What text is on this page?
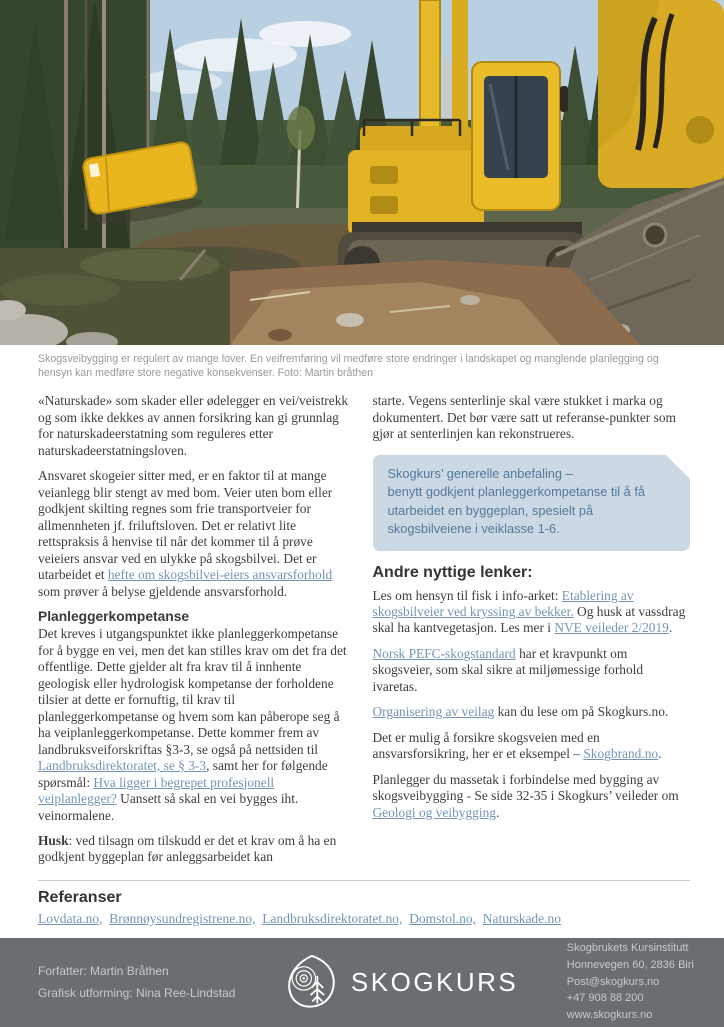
Skogsveibygging er regulert av mange lover. En veifremføring vil medføre store endringer i landskapet og manglende planlegging og hensyn kan medføre store negative konsekvenser. Foto: Martin bråthen

«Naturskade» som skader eller ødelegger en vei/veistrekk og som ikke dekkes av annen forsikring kan gi grunnlag for naturskadeerstatning som reguleres etter naturskadeerstatningsloven.

Ansvaret skogeier sitter med, er en faktor til at mange veianlegg blir stengt av med bom. Veier uten bom eller godkjent skilting regnes som frie transportveier for allmennheten jf. friluftsloven. Det er relativt lite rettspraksis å henvise til når det kommer til å prøve veieiers ansvar ved en ulykke på skogsbilvei. Det er utarbeidet et hefte om skogsbilvei-eiers ansvarsforhold som prøver å belyse gjeldende ansvarsforhold.

Planleggerkompetanse

Det kreves i utgangspunktet ikke planleggerkompetanse for å bygge en vei, men det kan stilles krav om det fra det offentlige. Dette gjelder alt fra krav til å innhente geologisk eller hydrologisk kompetanse der forholdene tilsier at dette er fornuftig, til krav til planleggerkompetanse og hvem som kan påberope seg å ha veiplanleggerkompetanse. Dette kommer frem av landbruksveiforskriftas §3-3, se også på nettsiden til Landbruksdirektoratet, se § 3-3, samt her for følgende spørsmål: Hva ligger i begrepet profesjonell veiplanlegger? Uansett så skal en vei bygges iht. veinormalene.

Husk: ved tilsagn om tilskudd er det et krav om å ha en godkjent byggeplan før anleggsarbeidet kan

starte. Vegens senterlinje skal være stukket i marka og dokumentert. Det bør være satt ut referanse-punkter som gjør at senterlinjen kan rekonstrueres.

Skogkurs’ generelle anbefaling –
benytt godkjent planleggerkompetanse til å få utarbeidet en byggeplan, spesielt på skogsbilveiene i veiklasse 1-6.

Andre nyttige lenker:

Les om hensyn til fisk i info-arket: Etablering av skogsbilveier ved kryssing av bekker. Og husk at vassdrag skal ha kantvegetasjon. Les mer i NVE veileder 2/2019.

Norsk PEFC-skogstandard har et kravpunkt om skogsveier, som skal sikre at miljømessige forhold ivaretas.

Organisering av veilag kan du lese om på Skogkurs.no.

Det er mulig å forsikre skogsveien med en ansvarsforsikring, her er et eksempel – Skogbrand.no.

Planlegger du massetak i forbindelse med bygging av skogsveibygging - Se side 32-35 i Skogkurs’ veileder om Geologi og veibygging.

Referanser

Lovdata.no, Brønnøysundregistrene.no, Landbruksdirektoratet.no, Domstol.no, Naturskade.no

Forfatter: Martin Bråthen
Grafisk utforming: Nina Ree-Lindstad	SKOGKURS
Skogbrukets Kursinstitutt
Honnevegen 60, 2836 Biri
Post@skogkurs.no
+47 908 88 200
www.skogkurs.no
